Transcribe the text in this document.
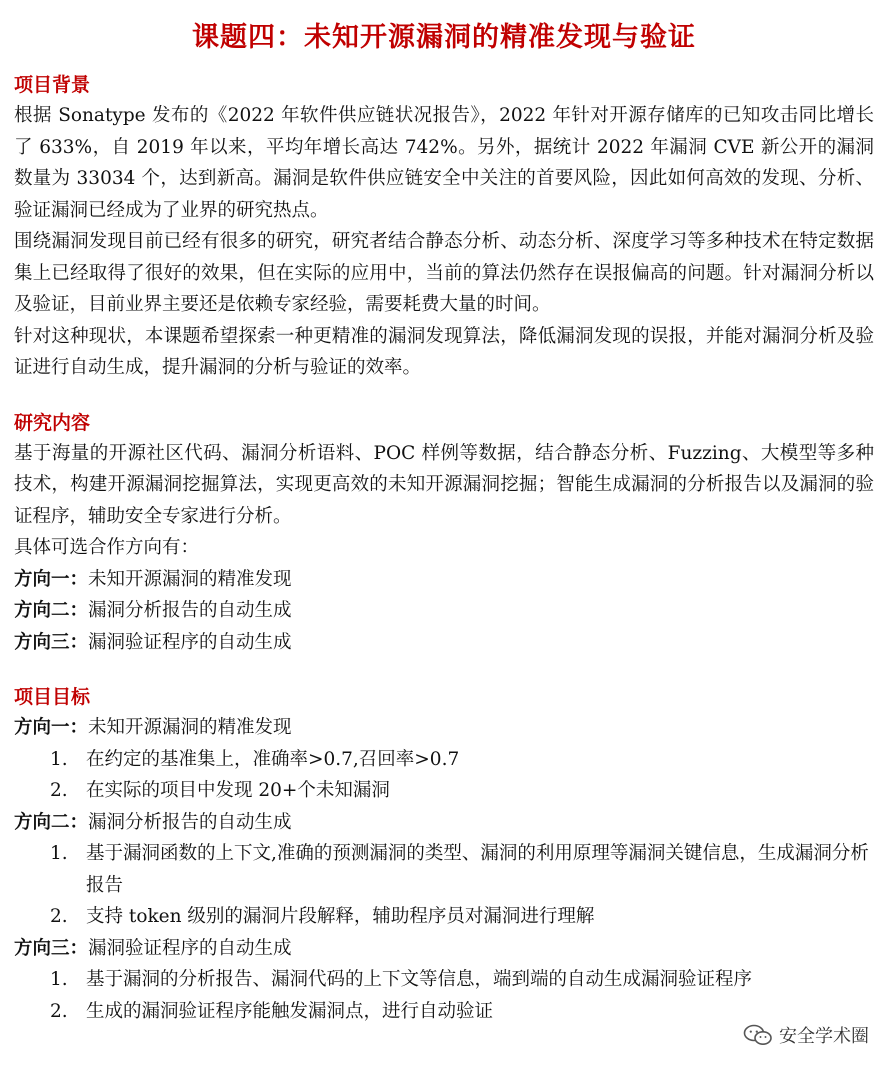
课题四：未知开源漏洞的精准发现与验证
项目背景

根据 Sonatype 发布的《2022 年软件供应链状况报告》，2022 年针对开源存储库的已知攻击同比增长了 633%，自 2019 年以来，平均年增长高达 742%。另外，据统计 2022 年漏洞 CVE 新公开的漏洞数量为 33034 个，达到新高。漏洞是软件供应链安全中关注的首要风险，因此如何高效的发现、分析、验证漏洞已经成为了业界的研究热点。

围绕漏洞发现目前已经有很多的研究，研究者结合静态分析、动态分析、深度学习等多种技术在特定数据集上已经取得了很好的效果，但在实际的应用中，当前的算法仍然存在误报偏高的问题。针对漏洞分析以及验证，目前业界主要还是依赖专家经验，需要耗费大量的时间。

针对这种现状，本课题希望探索一种更精准的漏洞发现算法，降低漏洞发现的误报，并能对漏洞分析及验证进行自动生成，提升漏洞的分析与验证的效率。

研究内容

基于海量的开源社区代码、漏洞分析语料、POC 样例等数据，结合静态分析、Fuzzing、大模型等多种技术，构建开源漏洞挖掘算法，实现更高效的未知开源漏洞挖掘；智能生成漏洞的分析报告以及漏洞的验证程序，辅助安全专家进行分析。

具体可选合作方向有：

方向一：未知开源漏洞的精准发现

方向二：漏洞分析报告的自动生成

方向三：漏洞验证程序的自动生成

项目目标

方向一：未知开源漏洞的精准发现

1. 在约定的基准集上，准确率>0.7,召回率>0.7
2. 在实际的项目中发现 20+个未知漏洞

方向二：漏洞分析报告的自动生成

1. 基于漏洞函数的上下文,准确的预测漏洞的类型、漏洞的利用原理等漏洞关键信息，生成漏洞分析报告
2. 支持 token 级别的漏洞片段解释，辅助程序员对漏洞进行理解

方向三：漏洞验证程序的自动生成

1. 基于漏洞的分析报告、漏洞代码的上下文等信息，端到端的自动生成漏洞验证程序
2. 生成的漏洞验证程序能触发漏洞点，进行自动验证
安全学术圈
